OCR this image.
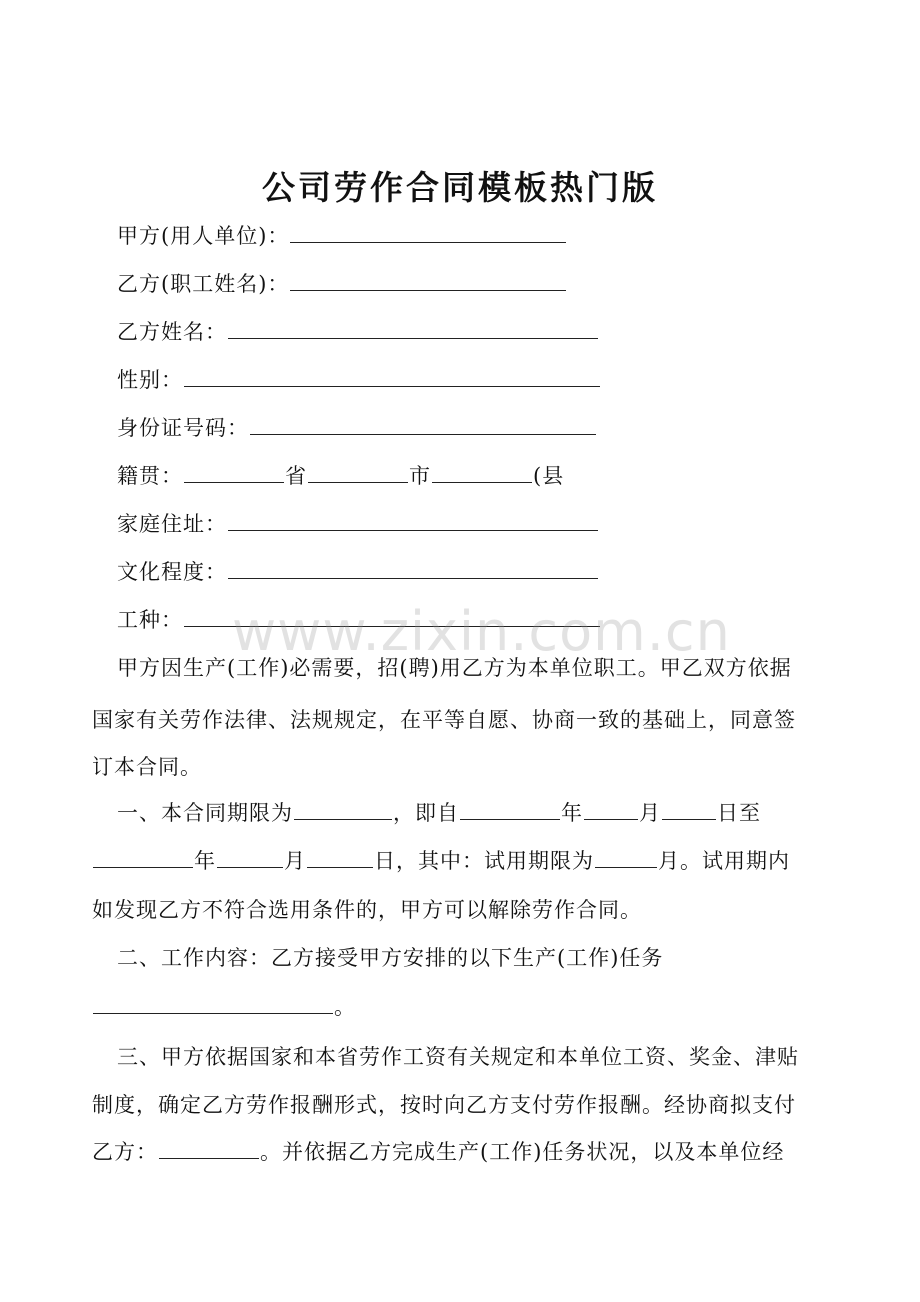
公司劳作合同模板热门版
甲方(用人单位)：
乙方(职工姓名)：
乙方姓名：
性别：
身份证号码：
籍贯：	省	市	(县
家庭住址：
文化程度：
工种：
甲方因生产(工作)必需要，招(聘)用乙方为本单位职工。甲乙双方依据
国家有关劳作法律、法规规定，在平等自愿、协商一致的基础上，同意签
订本合同。
一、本合同期限为	，即自	年	月	日至
年	月	日，其中：试用期限为	月。试用期内
如发现乙方不符合选用条件的，甲方可以解除劳作合同。
二、工作内容：乙方接受甲方安排的以下生产(工作)任务
。
三、甲方依据国家和本省劳作工资有关规定和本单位工资、奖金、津贴
制度，确定乙方劳作报酬形式，按时向乙方支付劳作报酬。经协商拟支付
乙方：	。并依据乙方完成生产(工作)任务状况，以及本单位经
www.zixin.com.cn
